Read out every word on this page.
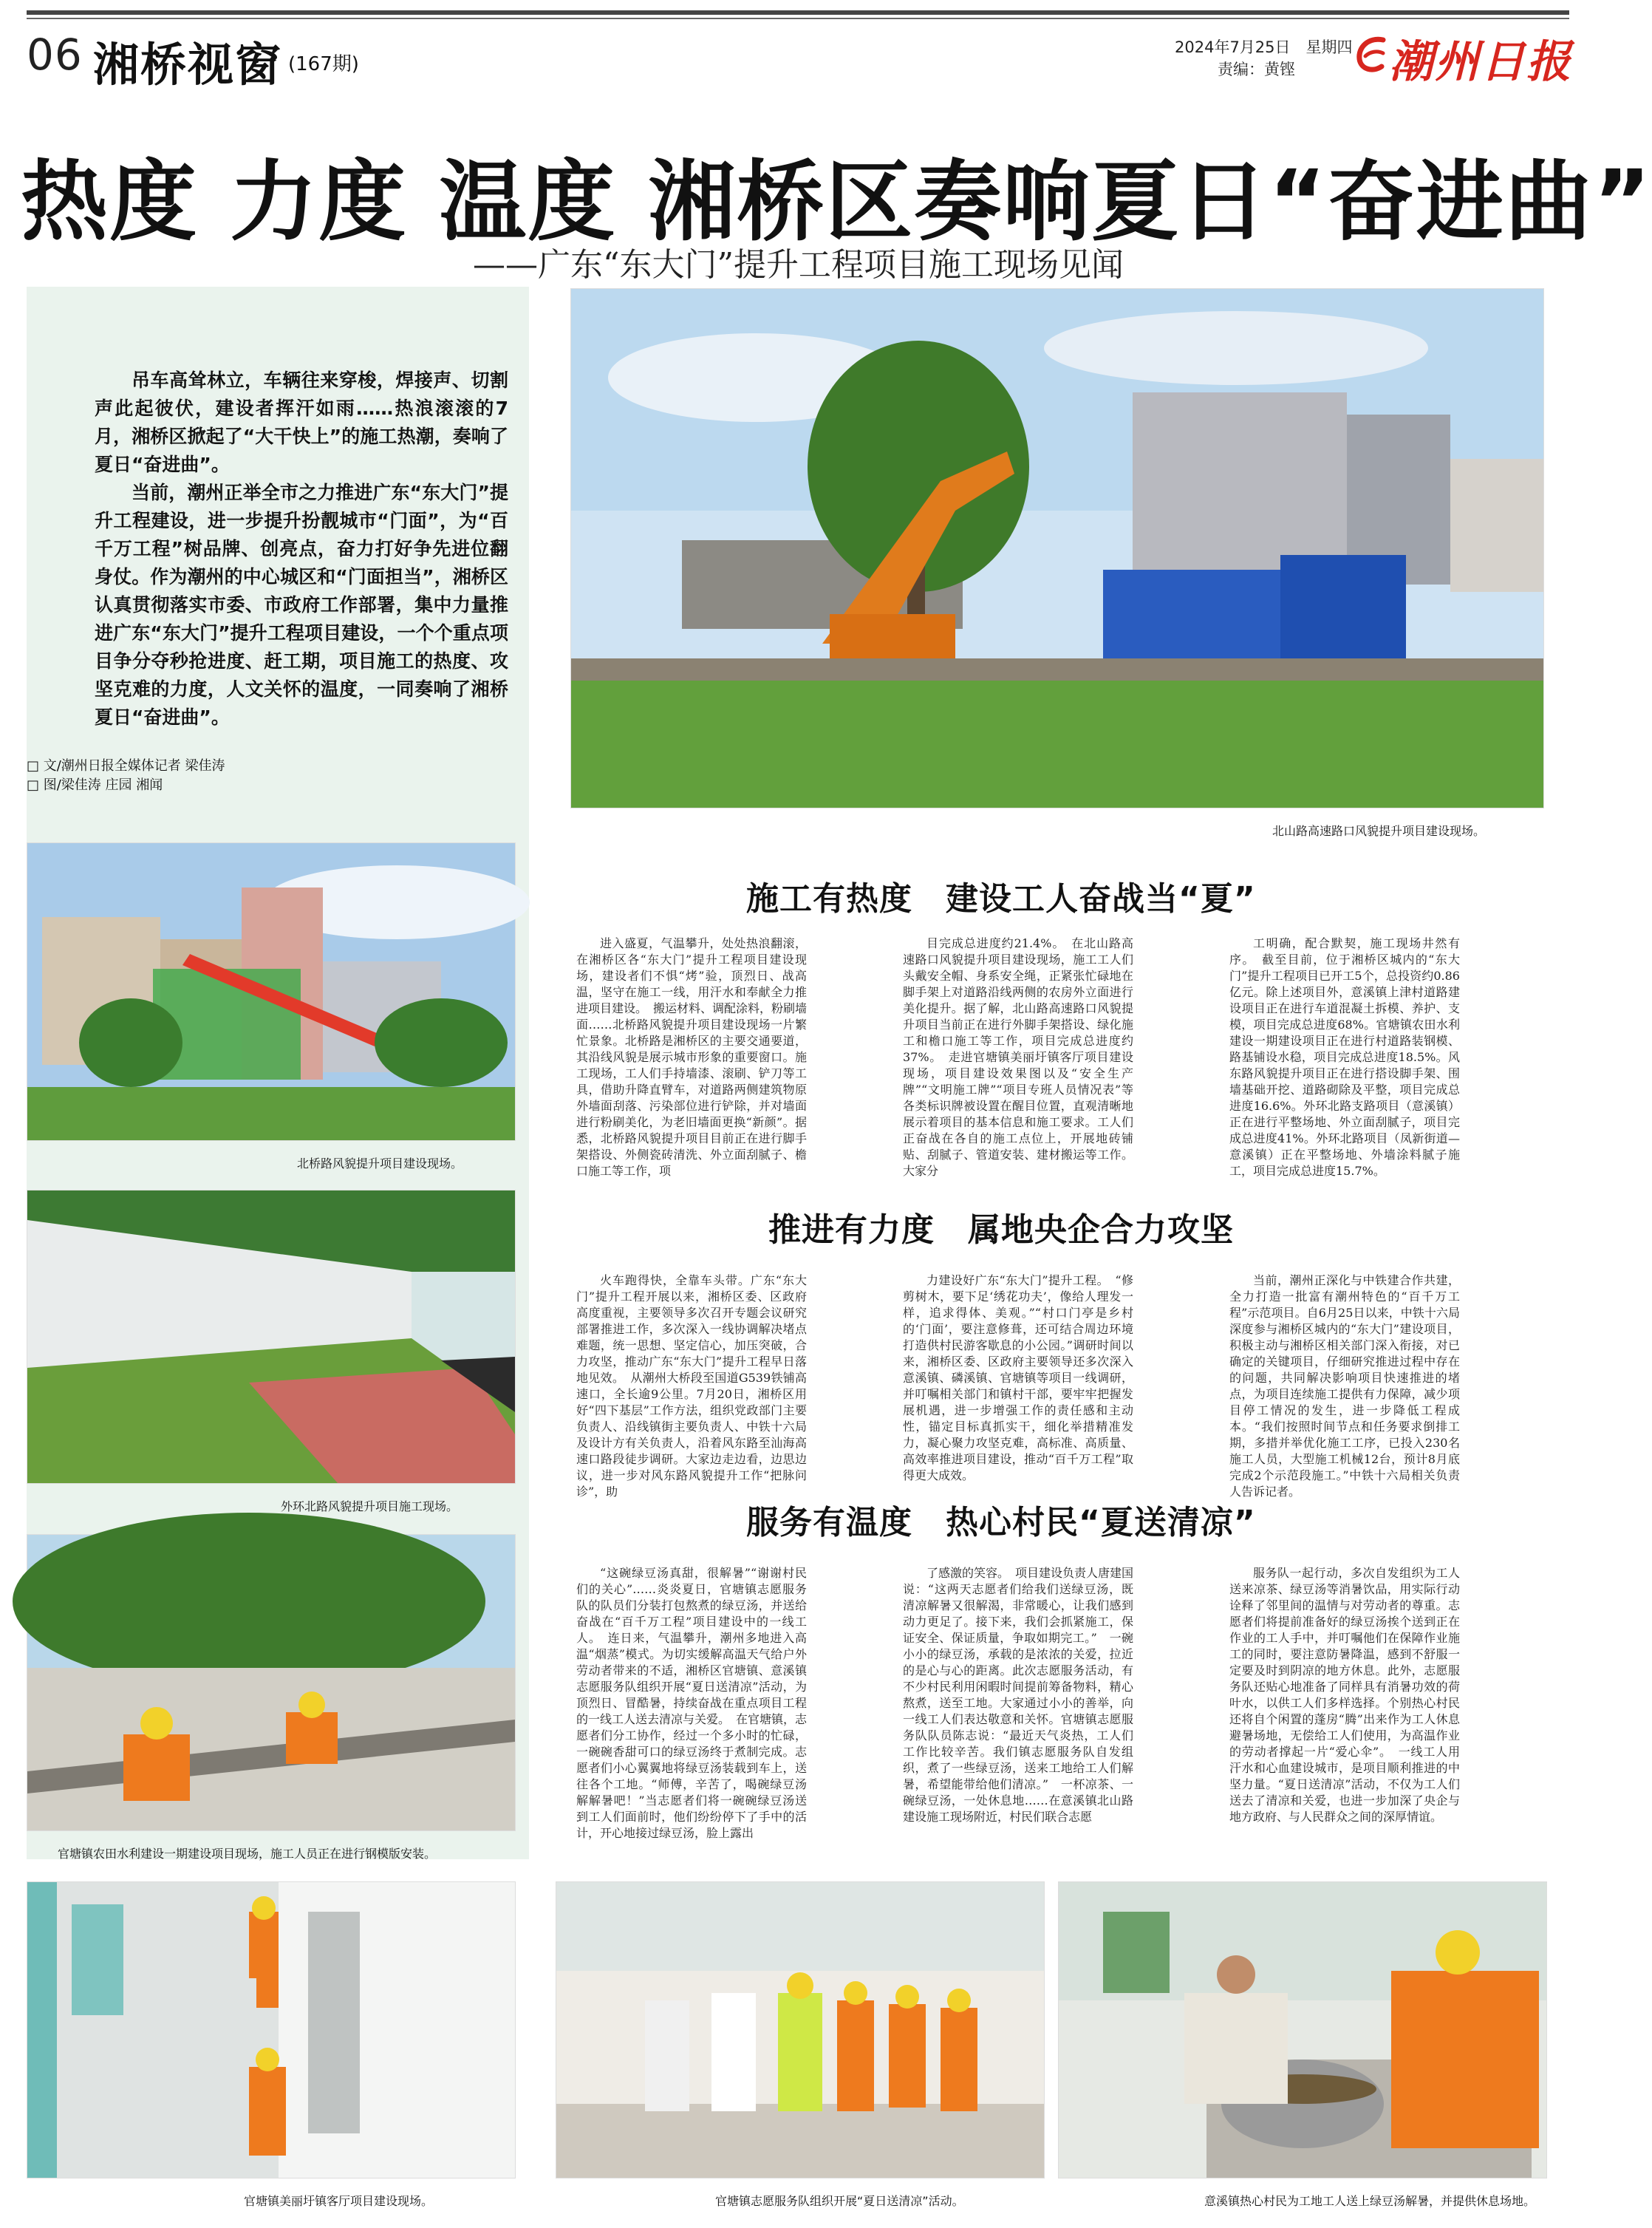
06 湘桥视窗 (167期)
2024年7月25日　星期四
责编：黄铿 潮州日报
热度 力度 温度 湘桥区奏响夏日“奋进曲”
——广东“东大门”提升工程项目施工现场见闻

吊车高耸林立，车辆往来穿梭，焊接声、切割声此起彼伏，建设者挥汗如雨……热浪滚滚的7月，湘桥区掀起了“大干快上”的施工热潮，奏响了夏日“奋进曲”。

当前，潮州正举全市之力推进广东“东大门”提升工程建设，进一步提升扮靓城市“门面”，为“百千万工程”树品牌、创亮点，奋力打好争先进位翻身仗。作为潮州的中心城区和“门面担当”，湘桥区认真贯彻落实市委、市政府工作部署，集中力量推进广东“东大门”提升工程项目建设，一个个重点项目争分夺秒抢进度、赶工期，项目施工的热度、攻坚克难的力度，人文关怀的温度，一同奏响了湘桥夏日“奋进曲”。

□ 文/潮州日报全媒体记者 梁佳涛
□ 图/梁佳涛 庄园 湘闻
北山路高速路口风貌提升项目建设现场。
北桥路风貌提升项目建设现场。
外环北路风貌提升项目施工现场。
官塘镇农田水利建设一期建设项目现场，施工人员正在进行钢模版安装。
施工有热度　建设工人奋战当“夏”

进入盛夏，气温攀升，处处热浪翻滚，在湘桥区各“东大门”提升工程项目建设现场，建设者们不惧“烤”验，顶烈日、战高温，坚守在施工一线，用汗水和奉献全力推进项目建设。　搬运材料、调配涂料，粉刷墙面……北桥路风貌提升项目建设现场一片繁忙景象。北桥路是湘桥区的主要交通要道，其沿线风貌是展示城市形象的重要窗口。施工现场，工人们手持墙漆、滚刷、铲刀等工具，借助升降直臂车，对道路两侧建筑物原外墙面刮落、污染部位进行铲除，并对墙面进行粉刷美化，为老旧墙面更换“新颜”。据悉，北桥路风貌提升项目目前正在进行脚手架搭设、外侧瓷砖清洗、外立面刮腻子、檐口施工等工作，项

目完成总进度约21.4%。　在北山路高速路口风貌提升项目建设现场，施工工人们头戴安全帽、身系安全绳，正紧张忙碌地在脚手架上对道路沿线两侧的农房外立面进行美化提升。据了解，北山路高速路口风貌提升项目当前正在进行外脚手架搭设、绿化施工和檐口施工等工作，项目完成总进度约37%。　走进官塘镇美丽圩镇客厅项目建设现场，项目建设效果图以及“安全生产牌”“文明施工牌”“项目专班人员情况表”等各类标识牌被设置在醒目位置，直观清晰地展示着项目的基本信息和施工要求。工人们正奋战在各自的施工点位上，开展地砖铺贴、刮腻子、管道安装、建材搬运等工作。大家分

工明确，配合默契，施工现场井然有序。　截至目前，位于湘桥区城内的“东大门”提升工程项目已开工5个，总投资约0.86亿元。除上述项目外，意溪镇上津村道路建设项目正在进行车道混凝土拆模、养护、支模，项目完成总进度68%。官塘镇农田水利建设一期建设项目正在进行村道路装钢模、路基铺设水稳，项目完成总进度18.5%。风东路风貌提升项目正在进行搭设脚手架、围墙基础开挖、道路砌除及平整，项目完成总进度16.6%。外环北路支路项目（意溪镇）正在进行平整场地、外立面刮腻子，项目完成总进度41%。外环北路项目（凤新街道—意溪镇）正在平整场地、外墙涂料腻子施工，项目完成总进度15.7%。

推进有力度　属地央企合力攻坚

火车跑得快，全靠车头带。广东“东大门”提升工程开展以来，湘桥区委、区政府高度重视，主要领导多次召开专题会议研究部署推进工作，多次深入一线协调解决堵点难题，统一思想、坚定信心，加压突破，合力攻坚，推动广东“东大门”提升工程早日落地见效。　从潮州大桥段至国道G539铁铺高速口，全长逾9公里。7月20日，湘桥区用好“四下基层”工作方法，组织党政部门主要负责人、沿线镇街主要负责人、中铁十六局及设计方有关负责人，沿着风东路至汕海高速口路段徒步调研。大家边走边看，边思边议，进一步对风东路风貌提升工作“把脉问诊”，助

力建设好广东“东大门”提升工程。　“修剪树木，要下足‘绣花功夫’，像给人理发一样，追求得体、美观。”“村口门亭是乡村的‘门面’，要注意修葺，还可结合周边环境打造供村民游客歇息的小公园。”调研时间以来，湘桥区委、区政府主要领导还多次深入意溪镇、磷溪镇、官塘镇等项目一线调研，并叮嘱相关部门和镇村干部，要牢牢把握发展机遇，进一步增强工作的责任感和主动性，锚定目标真抓实干，细化举措精准发力，凝心聚力攻坚克难，高标准、高质量、高效率推进项目建设，推动“百千万工程”取得更大成效。

当前，潮州正深化与中铁建合作共建，全力打造一批富有潮州特色的“百千万工程”示范项目。自6月25日以来，中铁十六局深度参与湘桥区城内的“东大门”建设项目，积极主动与湘桥区相关部门深入衔接，对已确定的关键项目，仔细研究推进过程中存在的问题，共同解决影响项目快速推进的堵点，为项目连续施工提供有力保障，减少项目停工情况的发生，进一步降低工程成本。“我们按照时间节点和任务要求倒排工期，多措并举优化施工工序，已投入230名施工人员，大型施工机械12台，预计8月底完成2个示范段施工。”中铁十六局相关负责人告诉记者。

服务有温度　热心村民“夏送清凉”

“这碗绿豆汤真甜，很解暑”“谢谢村民们的关心”……炎炎夏日，官塘镇志愿服务队的队员们分装打包熬煮的绿豆汤，并送给奋战在“百千万工程”项目建设中的一线工人。　连日来，气温攀升，潮州多地进入高温“烟蒸”模式。为切实缓解高温天气给户外劳动者带来的不适，湘桥区官塘镇、意溪镇志愿服务队组织开展“夏日送清凉”活动，为顶烈日、冒酷暑，持续奋战在重点项目工程的一线工人送去清凉与关爱。　在官塘镇，志愿者们分工协作，经过一个多小时的忙碌，一碗碗香甜可口的绿豆汤终于煮制完成。志愿者们小心翼翼地将绿豆汤装载到车上，送往各个工地。“师傅，辛苦了，喝碗绿豆汤解解暑吧！”当志愿者们将一碗碗绿豆汤送到工人们面前时，他们纷纷停下了手中的活计，开心地接过绿豆汤，脸上露出

了感激的笑容。　项目建设负责人唐建国说：“这两天志愿者们给我们送绿豆汤，既清凉解暑又很解渴，非常暖心，让我们感到动力更足了。接下来，我们会抓紧施工，保证安全、保证质量，争取如期完工。”　一碗小小的绿豆汤，承载的是浓浓的关爱，拉近的是心与心的距离。此次志愿服务活动，有不少村民利用闲暇时间提前筹备物料，精心熬煮，送至工地。大家通过小小的善举，向一线工人们表达敬意和关怀。官塘镇志愿服务队队员陈志说：“最近天气炎热，工人们工作比较辛苦。我们镇志愿服务队自发组织，煮了一些绿豆汤，送来工地给工人们解暑，希望能带给他们清凉。”　一杯凉茶、一碗绿豆汤，一处休息地……在意溪镇北山路建设施工现场附近，村民们联合志愿

服务队一起行动，多次自发组织为工人送来凉茶、绿豆汤等消暑饮品，用实际行动诠释了邻里间的温情与对劳动者的尊重。志愿者们将提前准备好的绿豆汤挨个送到正在作业的工人手中，并叮嘱他们在保障作业施工的同时，要注意防暑降温，感到不舒服一定要及时到阴凉的地方休息。此外，志愿服务队还贴心地准备了同样具有消暑功效的荷叶水，以供工人们多样选择。个别热心村民还将自个闲置的蓬房“腾”出来作为工人休息避暑场地，无偿给工人们使用，为高温作业的劳动者撑起一片“爱心伞”。　一线工人用汗水和心血建设城市，是项目顺利推进的中坚力量。“夏日送清凉”活动，不仅为工人们送去了清凉和关爱，也进一步加深了央企与地方政府、与人民群众之间的深厚情谊。

官塘镇美丽圩镇客厅项目建设现场。	官塘镇志愿服务队组织开展“夏日送清凉”活动。	意溪镇热心村民为工地工人送上绿豆汤解暑，并提供休息场地。
